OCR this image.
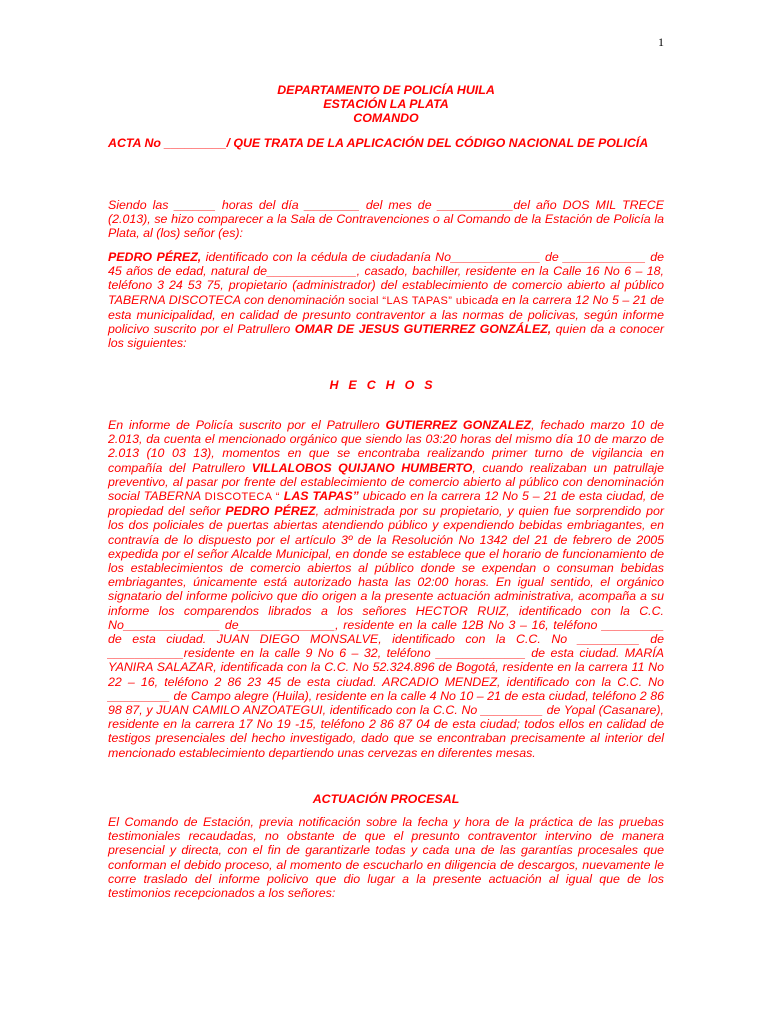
1
DEPARTAMENTO DE POLICÍA HUILA
ESTACIÓN LA PLATA
COMANDO
ACTA No _________/ QUE TRATA DE LA APLICACIÓN DEL CÓDIGO NACIONAL DE POLICÍA

Siendo las ______ horas del día ________ del mes de ___________del año DOS MIL TRECE (2.013), se hizo comparecer a la Sala de Contravenciones o al Comando de la Estación de Policía la Plata, al (los) señor (es):

PEDRO PÉREZ, identificado con la cédula de ciudadanía No_____________ de ____________ de 45 años de edad, natural de_____________, casado, bachiller, residente en la Calle 16 No 6 – 18, teléfono 3 24 53 75, propietario (administrador) del establecimiento de comercio abierto al público TABERNA DISCOTECA con denominación social “LAS TAPAS” ubicada en la carrera 12 No 5 – 21 de esta municipalidad, en calidad de presunto contraventor a las normas de policivas, según informe policivo suscrito por el Patrullero OMAR DE JESUS GUTIERREZ GONZÁLEZ, quien da a conocer los siguientes:

HECHOS

En informe de Policía suscrito por el Patrullero GUTIERREZ GONZALEZ, fechado marzo 10 de 2.013, da cuenta el mencionado orgánico que siendo las 03:20 horas del mismo día 10 de marzo de 2.013 (10 03 13), momentos en que se encontraba realizando primer turno de vigilancia en compañía del Patrullero VILLALOBOS QUIJANO HUMBERTO, cuando realizaban un patrullaje preventivo, al pasar por frente del establecimiento de comercio abierto al público con denominación social TABERNA DISCOTECA “ LAS TAPAS” ubicado en la carrera 12 No 5 – 21 de esta ciudad, de propiedad del señor PEDRO PÉREZ, administrada por su propietario, y quien fue sorprendido por los dos policiales de puertas abiertas atendiendo público y expendiendo bebidas embriagantes, en contravía de lo dispuesto por el artículo 3º de la Resolución No 1342 del 21 de febrero de 2005 expedida por el señor Alcalde Municipal, en donde se establece que el horario de funcionamiento de los establecimientos de comercio abiertos al público donde se expendan o consuman bebidas embriagantes, únicamente está autorizado hasta las 02:00 horas. En igual sentido, el orgánico signatario del informe policivo que dio origen a la presente actuación administrativa, acompaña a su informe los comparendos librados a los señores HECTOR RUIZ, identificado con la C.C. No______________ de______________, residente en la calle 12B No 3 – 16, teléfono _________ de esta ciudad. JUAN DIEGO MONSALVE, identificado con la C.C. No _________ de ___________residente en la calle 9 No 6 – 32, teléfono _____________ de esta ciudad. MARÍA YANIRA SALAZAR, identificada con la C.C. No 52.324.896 de Bogotá, residente en la carrera 11 No 22 – 16, teléfono 2 86 23 45 de esta ciudad. ARCADIO MENDEZ, identificado con la C.C. No _________ de Campo alegre (Huila), residente en la calle 4 No 10 – 21 de esta ciudad, teléfono 2 86 98 87, y JUAN CAMILO ANZOATEGUI, identificado con la C.C. No _________ de Yopal (Casanare), residente en la carrera 17 No 19 -15, teléfono 2 86 87 04 de esta ciudad; todos ellos en calidad de testigos presenciales del hecho investigado, dado que se encontraban precisamente al interior del mencionado establecimiento departiendo unas cervezas en diferentes mesas.

ACTUACIÓN PROCESAL

El Comando de Estación, previa notificación sobre la fecha y hora de la práctica de las pruebas testimoniales recaudadas, no obstante de que el presunto contraventor intervino de manera presencial y directa, con el fin de garantizarle todas y cada una de las garantías procesales que conforman el debido proceso, al momento de escucharlo en diligencia de descargos, nuevamente le corre traslado del informe policivo que dio lugar a la presente actuación al igual que de los testimonios recepcionados a los señores:
